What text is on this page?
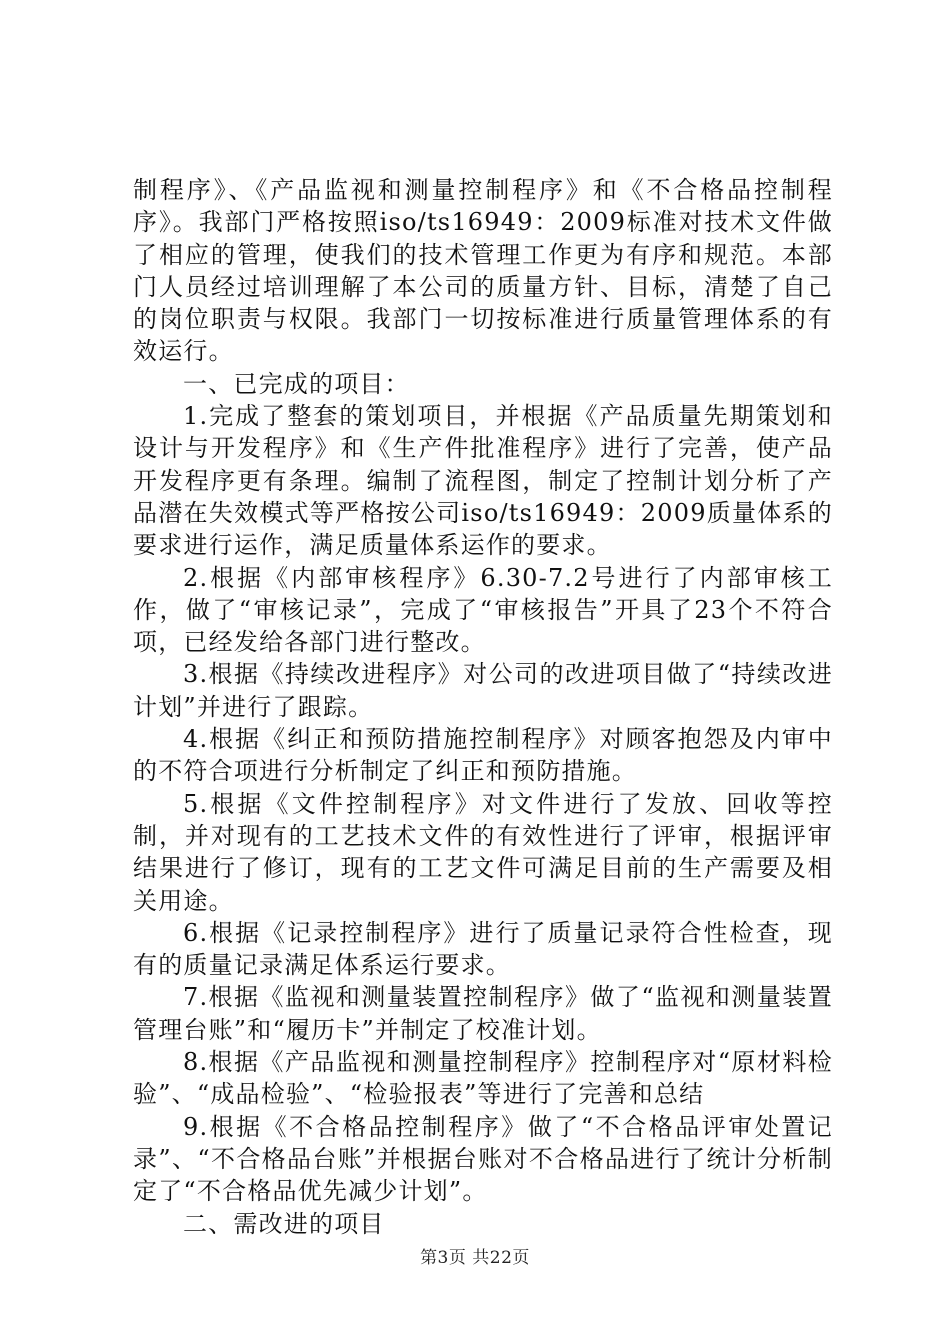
制程序》、《产品监视和测量控制程序》和《不合格品控制程序》。我部门严格按照iso/ts16949：2009标准对技术文件做了相应的管理，使我们的技术管理工作更为有序和规范。本部门人员经过培训理解了本公司的质量方针、目标，清楚了自己的岗位职责与权限。我部门一切按标准进行质量管理体系的有效运行。

一、已完成的项目：

1.完成了整套的策划项目，并根据《产品质量先期策划和设计与开发程序》和《生产件批准程序》进行了完善，使产品开发程序更有条理。编制了流程图，制定了控制计划分析了产品潜在失效模式等严格按公司iso/ts16949：2009质量体系的要求进行运作，满足质量体系运作的要求。

2.根据《内部审核程序》6.30-7.2号进行了内部审核工作，做了“审核记录”，完成了“审核报告”开具了23个不符合项，已经发给各部门进行整改。

3.根据《持续改进程序》对公司的改进项目做了“持续改进计划”并进行了跟踪。

4.根据《纠正和预防措施控制程序》对顾客抱怨及内审中的不符合项进行分析制定了纠正和预防措施。

5.根据《文件控制程序》对文件进行了发放、回收等控制，并对现有的工艺技术文件的有效性进行了评审，根据评审结果进行了修订，现有的工艺文件可满足目前的生产需要及相关用途。

6.根据《记录控制程序》进行了质量记录符合性检查，现有的质量记录满足体系运行要求。

7.根据《监视和测量装置控制程序》做了“监视和测量装置管理台账”和“履历卡”并制定了校准计划。

8.根据《产品监视和测量控制程序》控制程序对“原材料检验”、“成品检验”、“检验报表”等进行了完善和总结

9.根据《不合格品控制程序》做了“不合格品评审处置记录”、“不合格品台账”并根据台账对不合格品进行了统计分析制定了“不合格品优先减少计划”。

二、需改进的项目

第3页 共22页
